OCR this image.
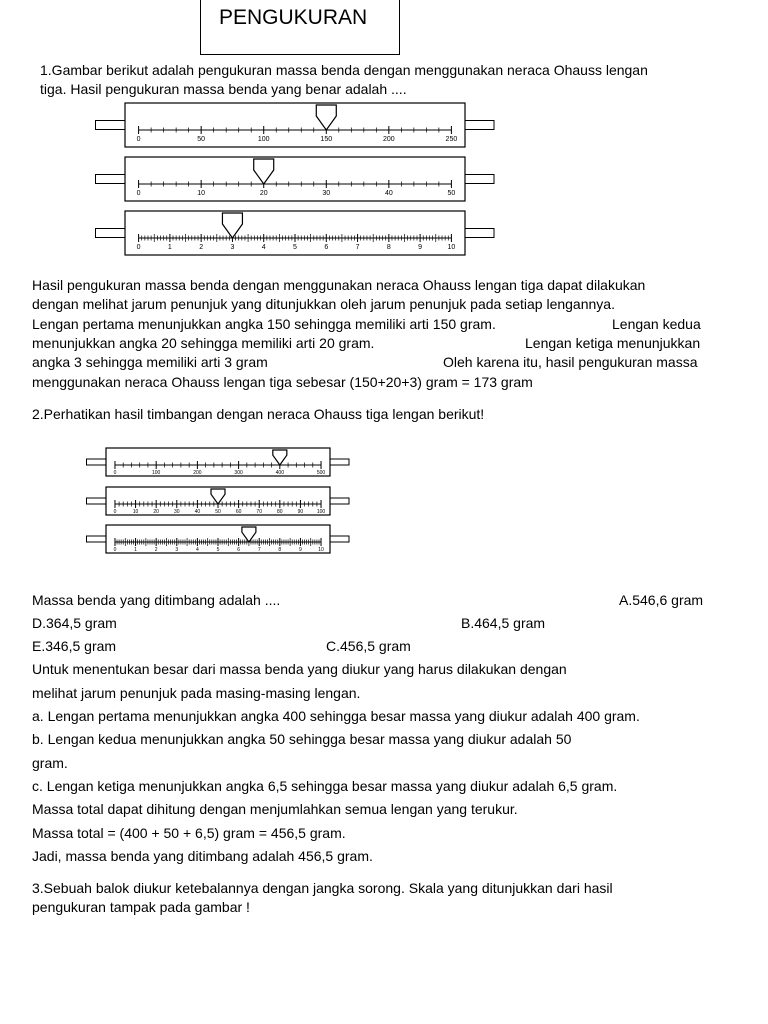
PENGUKURAN
1.Gambar berikut adalah pengukuran massa benda dengan menggunakan neraca Ohauss lengan
tiga. Hasil pengukuran massa benda yang benar adalah ....
0	50	100	150	200	250
0	10	20	30	40	50
0	1	2	3	4	5	6	7	8	9	10
Hasil pengukuran massa benda dengan menggunakan neraca Ohauss lengan tiga dapat dilakukan
dengan melihat jarum penunjuk yang ditunjukkan oleh jarum penunjuk pada setiap lengannya.
Lengan pertama menunjukkan angka 150 sehingga memiliki arti 150 gram.	Lengan kedua
menunjukkan angka 20 sehingga memiliki arti 20 gram.	Lengan ketiga menunjukkan
angka 3 sehingga memiliki arti 3 gram	Oleh karena itu, hasil pengukuran massa
menggunakan neraca Ohauss lengan tiga sebesar (150+20+3) gram = 173 gram
2.Perhatikan hasil timbangan dengan neraca Ohauss tiga lengan berikut!
0	100	200	300	400	500
0	10	20	30	40	50	60	70	80	90	100
0	1	2	3	4	5	6	7	8	9	10
Massa benda yang ditimbang adalah ....	A.546,6 gram
D.364,5 gram	B.464,5 gram
E.346,5 gram	C.456,5 gram
Untuk menentukan besar dari massa benda yang diukur yang harus dilakukan dengan
melihat jarum penunjuk pada masing-masing lengan.
a. Lengan pertama menunjukkan angka 400 sehingga besar massa yang diukur adalah 400 gram.
b. Lengan kedua menunjukkan angka 50 sehingga besar massa yang diukur adalah 50
gram.
c. Lengan ketiga menunjukkan angka 6,5 sehingga besar massa yang diukur adalah 6,5 gram.
Massa total dapat dihitung dengan menjumlahkan semua lengan yang terukur.
Massa total = (400 + 50 + 6,5) gram = 456,5 gram.
Jadi, massa benda yang ditimbang adalah 456,5 gram.
3.Sebuah balok diukur ketebalannya dengan jangka sorong. Skala yang ditunjukkan dari hasil
pengukuran tampak pada gambar !
